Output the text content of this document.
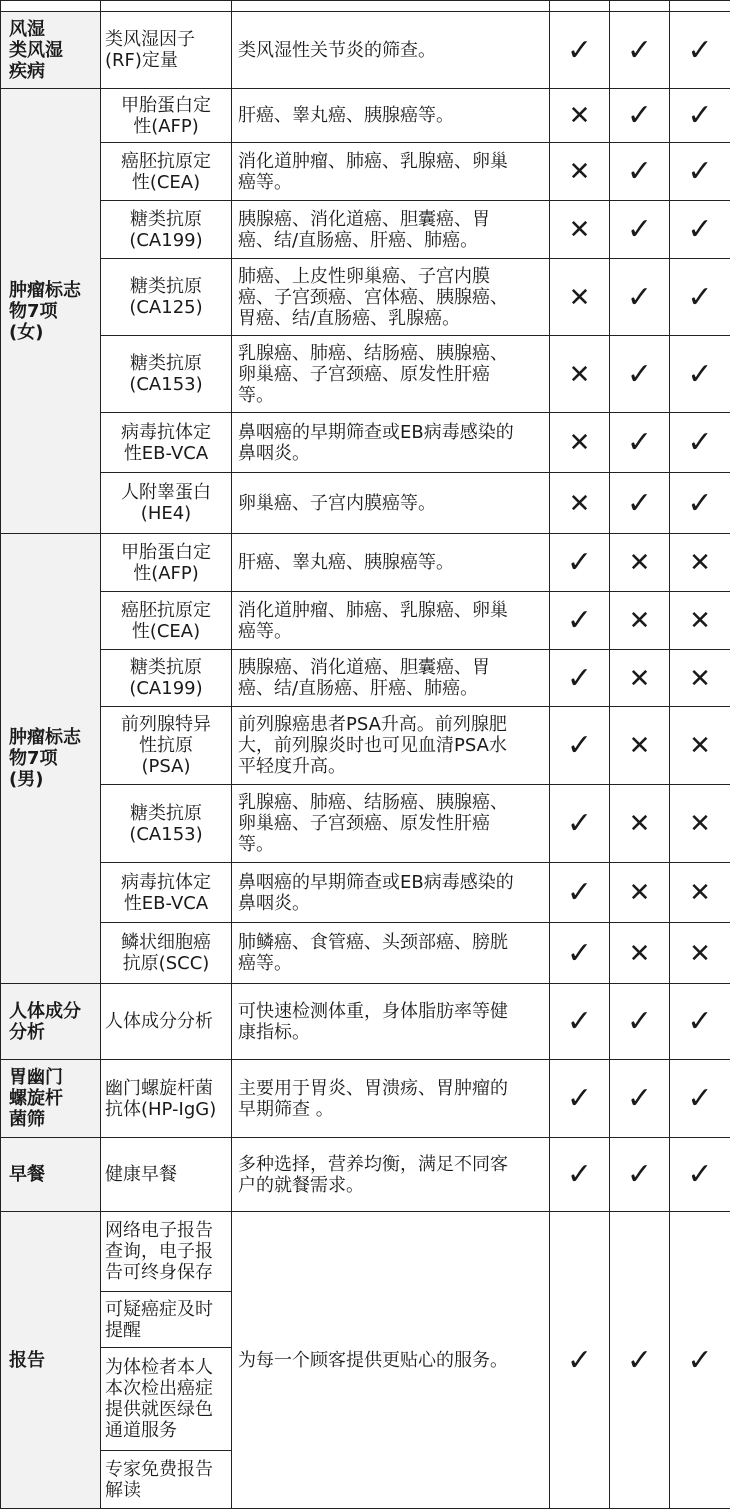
风湿
类风湿
疾病	类风湿因子
(RF)定量	类风湿性关节炎的筛查。	✓	✓	✓
肿瘤标志
物7项
(女)	甲胎蛋白定
性(AFP)	肝癌、睾丸癌、胰腺癌等。	✕	✓	✓
	癌胚抗原定
性(CEA)	消化道肿瘤、肺癌、乳腺癌、卵巢
癌等。	✕	✓	✓
	糖类抗原
(CA199)	胰腺癌、消化道癌、胆囊癌、胃
癌、结/直肠癌、肝癌、肺癌。	✕	✓	✓
	糖类抗原
(CA125)	肺癌、上皮性卵巢癌、子宫内膜
癌、子宫颈癌、宫体癌、胰腺癌、
胃癌、结/直肠癌、乳腺癌。	✕	✓	✓
	糖类抗原
(CA153)	乳腺癌、肺癌、结肠癌、胰腺癌、
卵巢癌、子宫颈癌、原发性肝癌
等。	✕	✓	✓
	病毒抗体定
性EB-VCA	鼻咽癌的早期筛查或EB病毒感染的
鼻咽炎。	✕	✓	✓
	人附睾蛋白
(HE4)	卵巢癌、子宫内膜癌等。	✕	✓	✓
肿瘤标志
物7项
(男)	甲胎蛋白定
性(AFP)	肝癌、睾丸癌、胰腺癌等。	✓	✕	✕
	癌胚抗原定
性(CEA)	消化道肿瘤、肺癌、乳腺癌、卵巢
癌等。	✓	✕	✕
	糖类抗原
(CA199)	胰腺癌、消化道癌、胆囊癌、胃
癌、结/直肠癌、肝癌、肺癌。	✓	✕	✕
	前列腺特异
性抗原
(PSA)	前列腺癌患者PSA升高。前列腺肥
大，前列腺炎时也可见血清PSA水
平轻度升高。	✓	✕	✕
	糖类抗原
(CA153)	乳腺癌、肺癌、结肠癌、胰腺癌、
卵巢癌、子宫颈癌、原发性肝癌
等。	✓	✕	✕
	病毒抗体定
性EB-VCA	鼻咽癌的早期筛查或EB病毒感染的
鼻咽炎。	✓	✕	✕
	鳞状细胞癌
抗原(SCC)	肺鳞癌、食管癌、头颈部癌、膀胱
癌等。	✓	✕	✕
人体成分
分析	人体成分分析	可快速检测体重，身体脂肪率等健
康指标。	✓	✓	✓
胃幽门
螺旋杆
菌筛	幽门螺旋杆菌
抗体(HP-IgG)	主要用于胃炎、胃溃疡、胃肿瘤的
早期筛查 。	✓	✓	✓
早餐	健康早餐	多种选择，营养均衡，满足不同客
户的就餐需求。	✓	✓	✓
报告	网络电子报告
查询，电子报
告可终身保存	为每一个顾客提供更贴心的服务。	✓	✓	✓
	可疑癌症及时
提醒				
	为体检者本人
本次检出癌症
提供就医绿色
通道服务				
	专家免费报告
解读				
